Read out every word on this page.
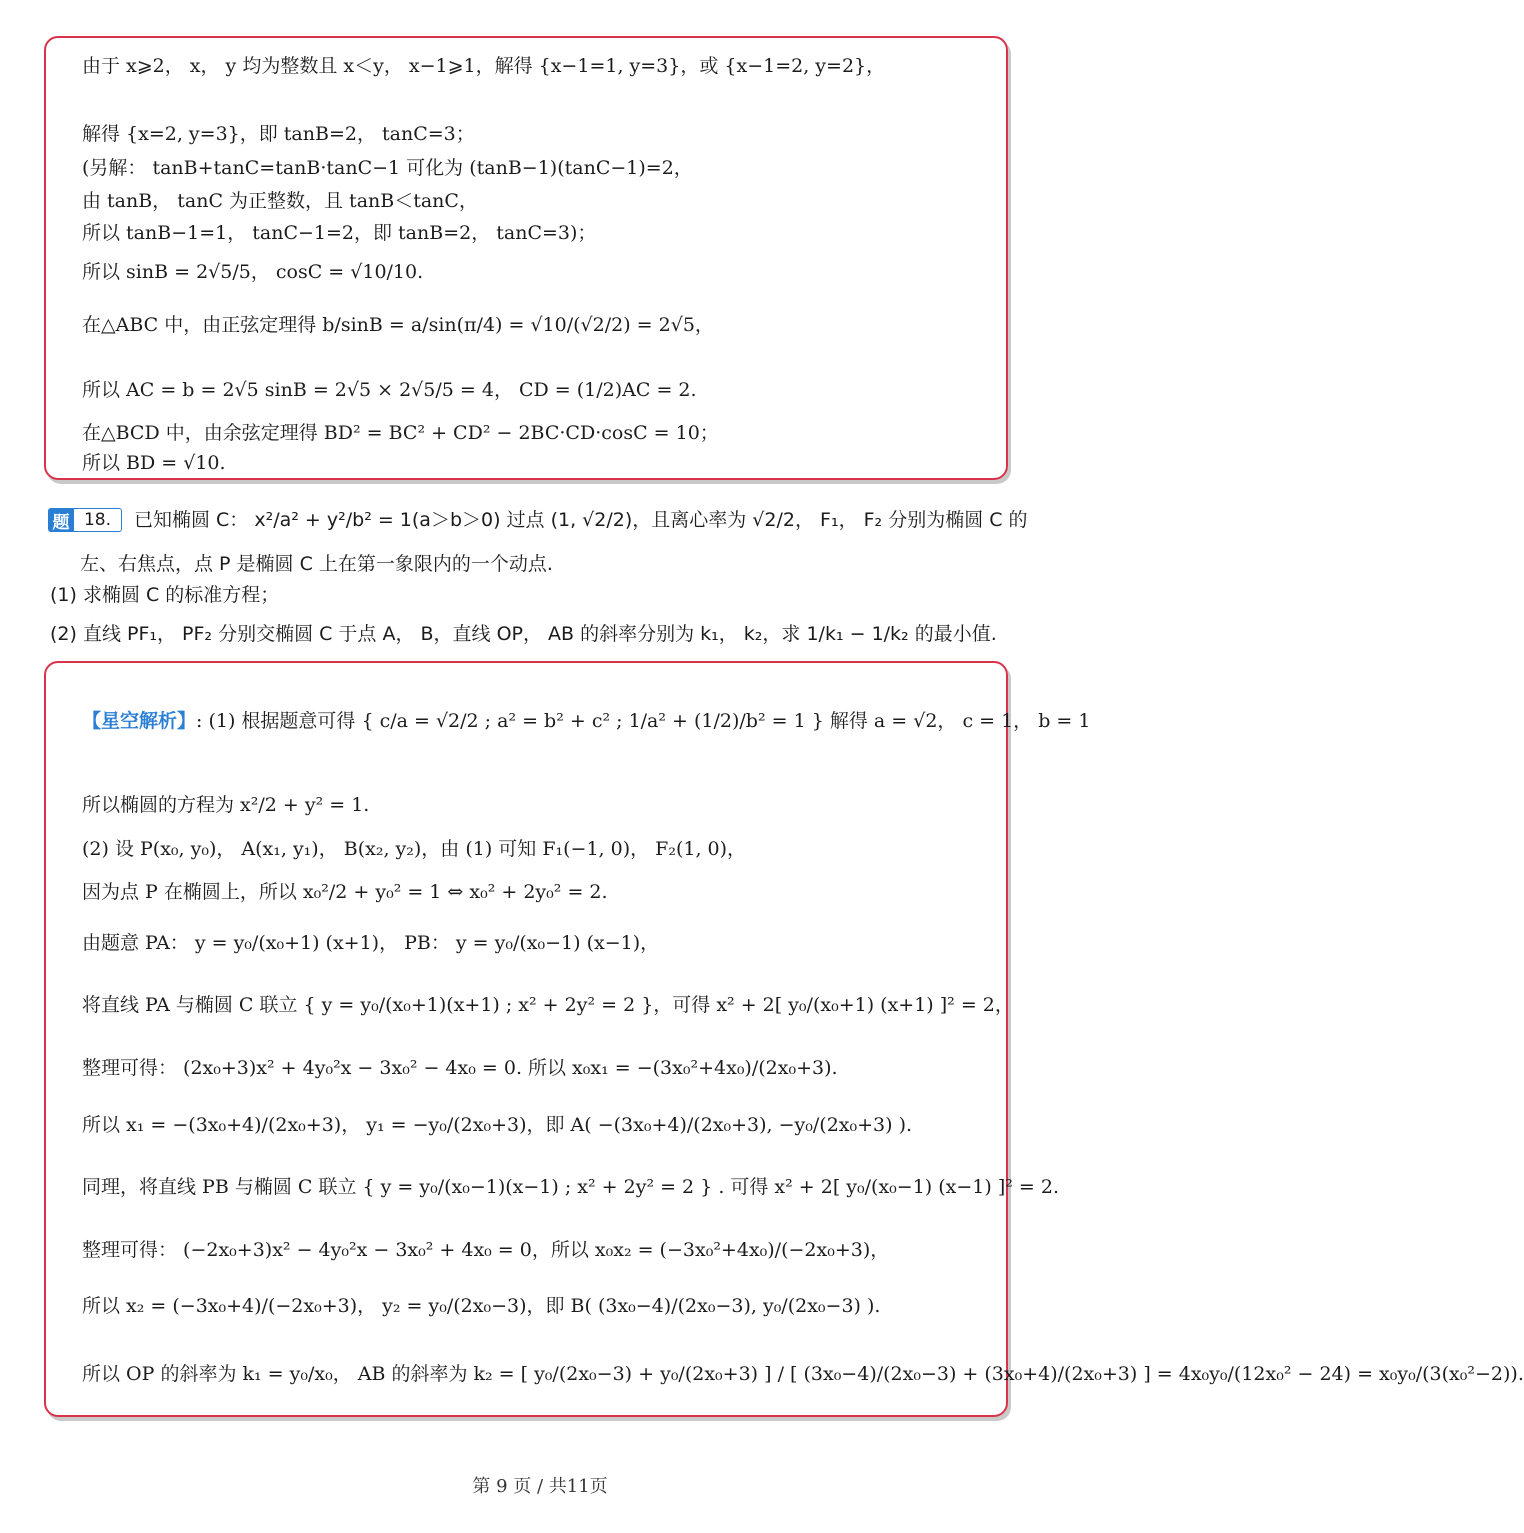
由于 x⩾2， x， y 均为整数且 x＜y， x−1⩾1，解得 {x−1=1, y=3}，或 {x−1=2, y=2}，
解得 {x=2, y=3}，即 tanB=2， tanC=3；
(另解： tanB+tanC=tanB·tanC−1 可化为 (tanB−1)(tanC−1)=2，
由 tanB， tanC 为正整数，且 tanB＜tanC，
所以 tanB−1=1， tanC−1=2，即 tanB=2， tanC=3)；
所以 sinB = 2√5/5， cosC = √10/10.
在△ABC 中，由正弦定理得 b/sinB = a/sin(π/4) = √10/(√2/2) = 2√5，
所以 AC = b = 2√5 sinB = 2√5 × 2√5/5 = 4， CD = (1/2)AC = 2.
在△BCD 中，由余弦定理得 BD² = BC² + CD² − 2BC·CD·cosC = 10；
所以 BD = √10.
题 18.	已知椭圆 C： x²/a² + y²/b² = 1(a＞b＞0) 过点 (1, √2/2)，且离心率为 √2/2， F₁， F₂ 分别为椭圆 C 的
左、右焦点，点 P 是椭圆 C 上在第一象限内的一个动点.
(1) 求椭圆 C 的标准方程；
(2) 直线 PF₁， PF₂ 分别交椭圆 C 于点 A， B，直线 OP， AB 的斜率分别为 k₁， k₂，求 1/k₁ − 1/k₂ 的最小值.
【星空解析】: (1) 根据题意可得 { c/a = √2/2 ; a² = b² + c² ; 1/a² + (1/2)/b² = 1 } 解得 a = √2， c = 1， b = 1
所以椭圆的方程为 x²/2 + y² = 1.
(2) 设 P(x₀, y₀)， A(x₁, y₁)， B(x₂, y₂)，由 (1) 可知 F₁(−1, 0)， F₂(1, 0)，
因为点 P 在椭圆上，所以 x₀²/2 + y₀² = 1 ⇔ x₀² + 2y₀² = 2.
由题意 PA： y = y₀/(x₀+1) (x+1)， PB： y = y₀/(x₀−1) (x−1)，
将直线 PA 与椭圆 C 联立 { y = y₀/(x₀+1)(x+1) ; x² + 2y² = 2 }，可得 x² + 2[ y₀/(x₀+1) (x+1) ]² = 2，
整理可得： (2x₀+3)x² + 4y₀²x − 3x₀² − 4x₀ = 0. 所以 x₀x₁ = −(3x₀²+4x₀)/(2x₀+3).
所以 x₁ = −(3x₀+4)/(2x₀+3)， y₁ = −y₀/(2x₀+3)，即 A( −(3x₀+4)/(2x₀+3), −y₀/(2x₀+3) ).
同理，将直线 PB 与椭圆 C 联立 { y = y₀/(x₀−1)(x−1) ; x² + 2y² = 2 } . 可得 x² + 2[ y₀/(x₀−1) (x−1) ]² = 2.
整理可得： (−2x₀+3)x² − 4y₀²x − 3x₀² + 4x₀ = 0，所以 x₀x₂ = (−3x₀²+4x₀)/(−2x₀+3)，
所以 x₂ = (−3x₀+4)/(−2x₀+3)， y₂ = y₀/(2x₀−3)，即 B( (3x₀−4)/(2x₀−3), y₀/(2x₀−3) ).
所以 OP 的斜率为 k₁ = y₀/x₀， AB 的斜率为 k₂ = [ y₀/(2x₀−3) + y₀/(2x₀+3) ] / [ (3x₀−4)/(2x₀−3) + (3x₀+4)/(2x₀+3) ] = 4x₀y₀/(12x₀² − 24) = x₀y₀/(3(x₀²−2)).
第 9 页 / 共11页
